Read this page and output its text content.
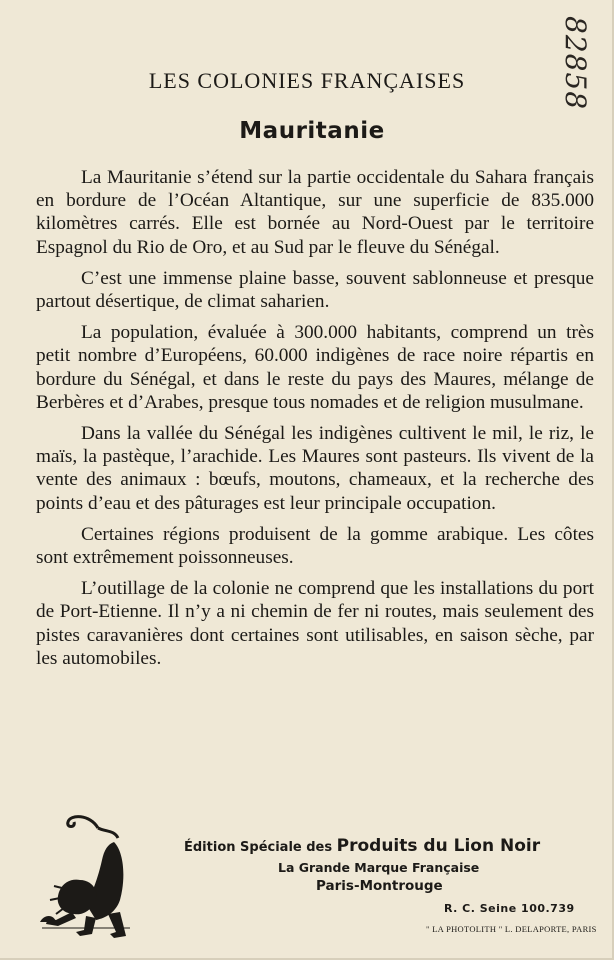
82858
LES COLONIES FRANÇAISES
Mauritanie

La Mauritanie s’étend sur la partie occidentale du Sahara français en bordure de l’Océan Altantique, sur une superficie de 835.000 kilomètres carrés. Elle est bornée au Nord-Ouest par le territoire Espagnol du Rio de Oro, et au Sud par le fleuve du Sénégal.

C’est une immense plaine basse, souvent sablonneuse et presque partout désertique, de climat saharien.

La population, évaluée à 300.000 habitants, comprend un très petit nombre d’Européens, 60.000 indigènes de race noire répartis en bordure du Sénégal, et dans le reste du pays des Maures, mélange de Berbères et d’Arabes, presque tous nomades et de religion musulmane.

Dans la vallée du Sénégal les indigènes cultivent le mil, le riz, le maïs, la pastèque, l’arachide. Les Maures sont pasteurs. Ils vivent de la vente des animaux : bœufs, moutons, chameaux, et la recherche des points d’eau et des pâturages est leur principale occupation.

Certaines régions produisent de la gomme arabique. Les côtes sont extrêmement poissonneuses.

L’outillage de la colonie ne comprend que les installations du port de Port-Etienne. Il n’y a ni chemin de fer ni routes, mais seulement des pistes caravanières dont certaines sont utilisables, en saison sèche, par les automobiles.

Édition Spéciale des Produits du Lion Noir
La Grande Marque Française
Paris-Montrouge
R. C. Seine 100.739
" LA PHOTOLITH " L. DELAPORTE, PARIS
